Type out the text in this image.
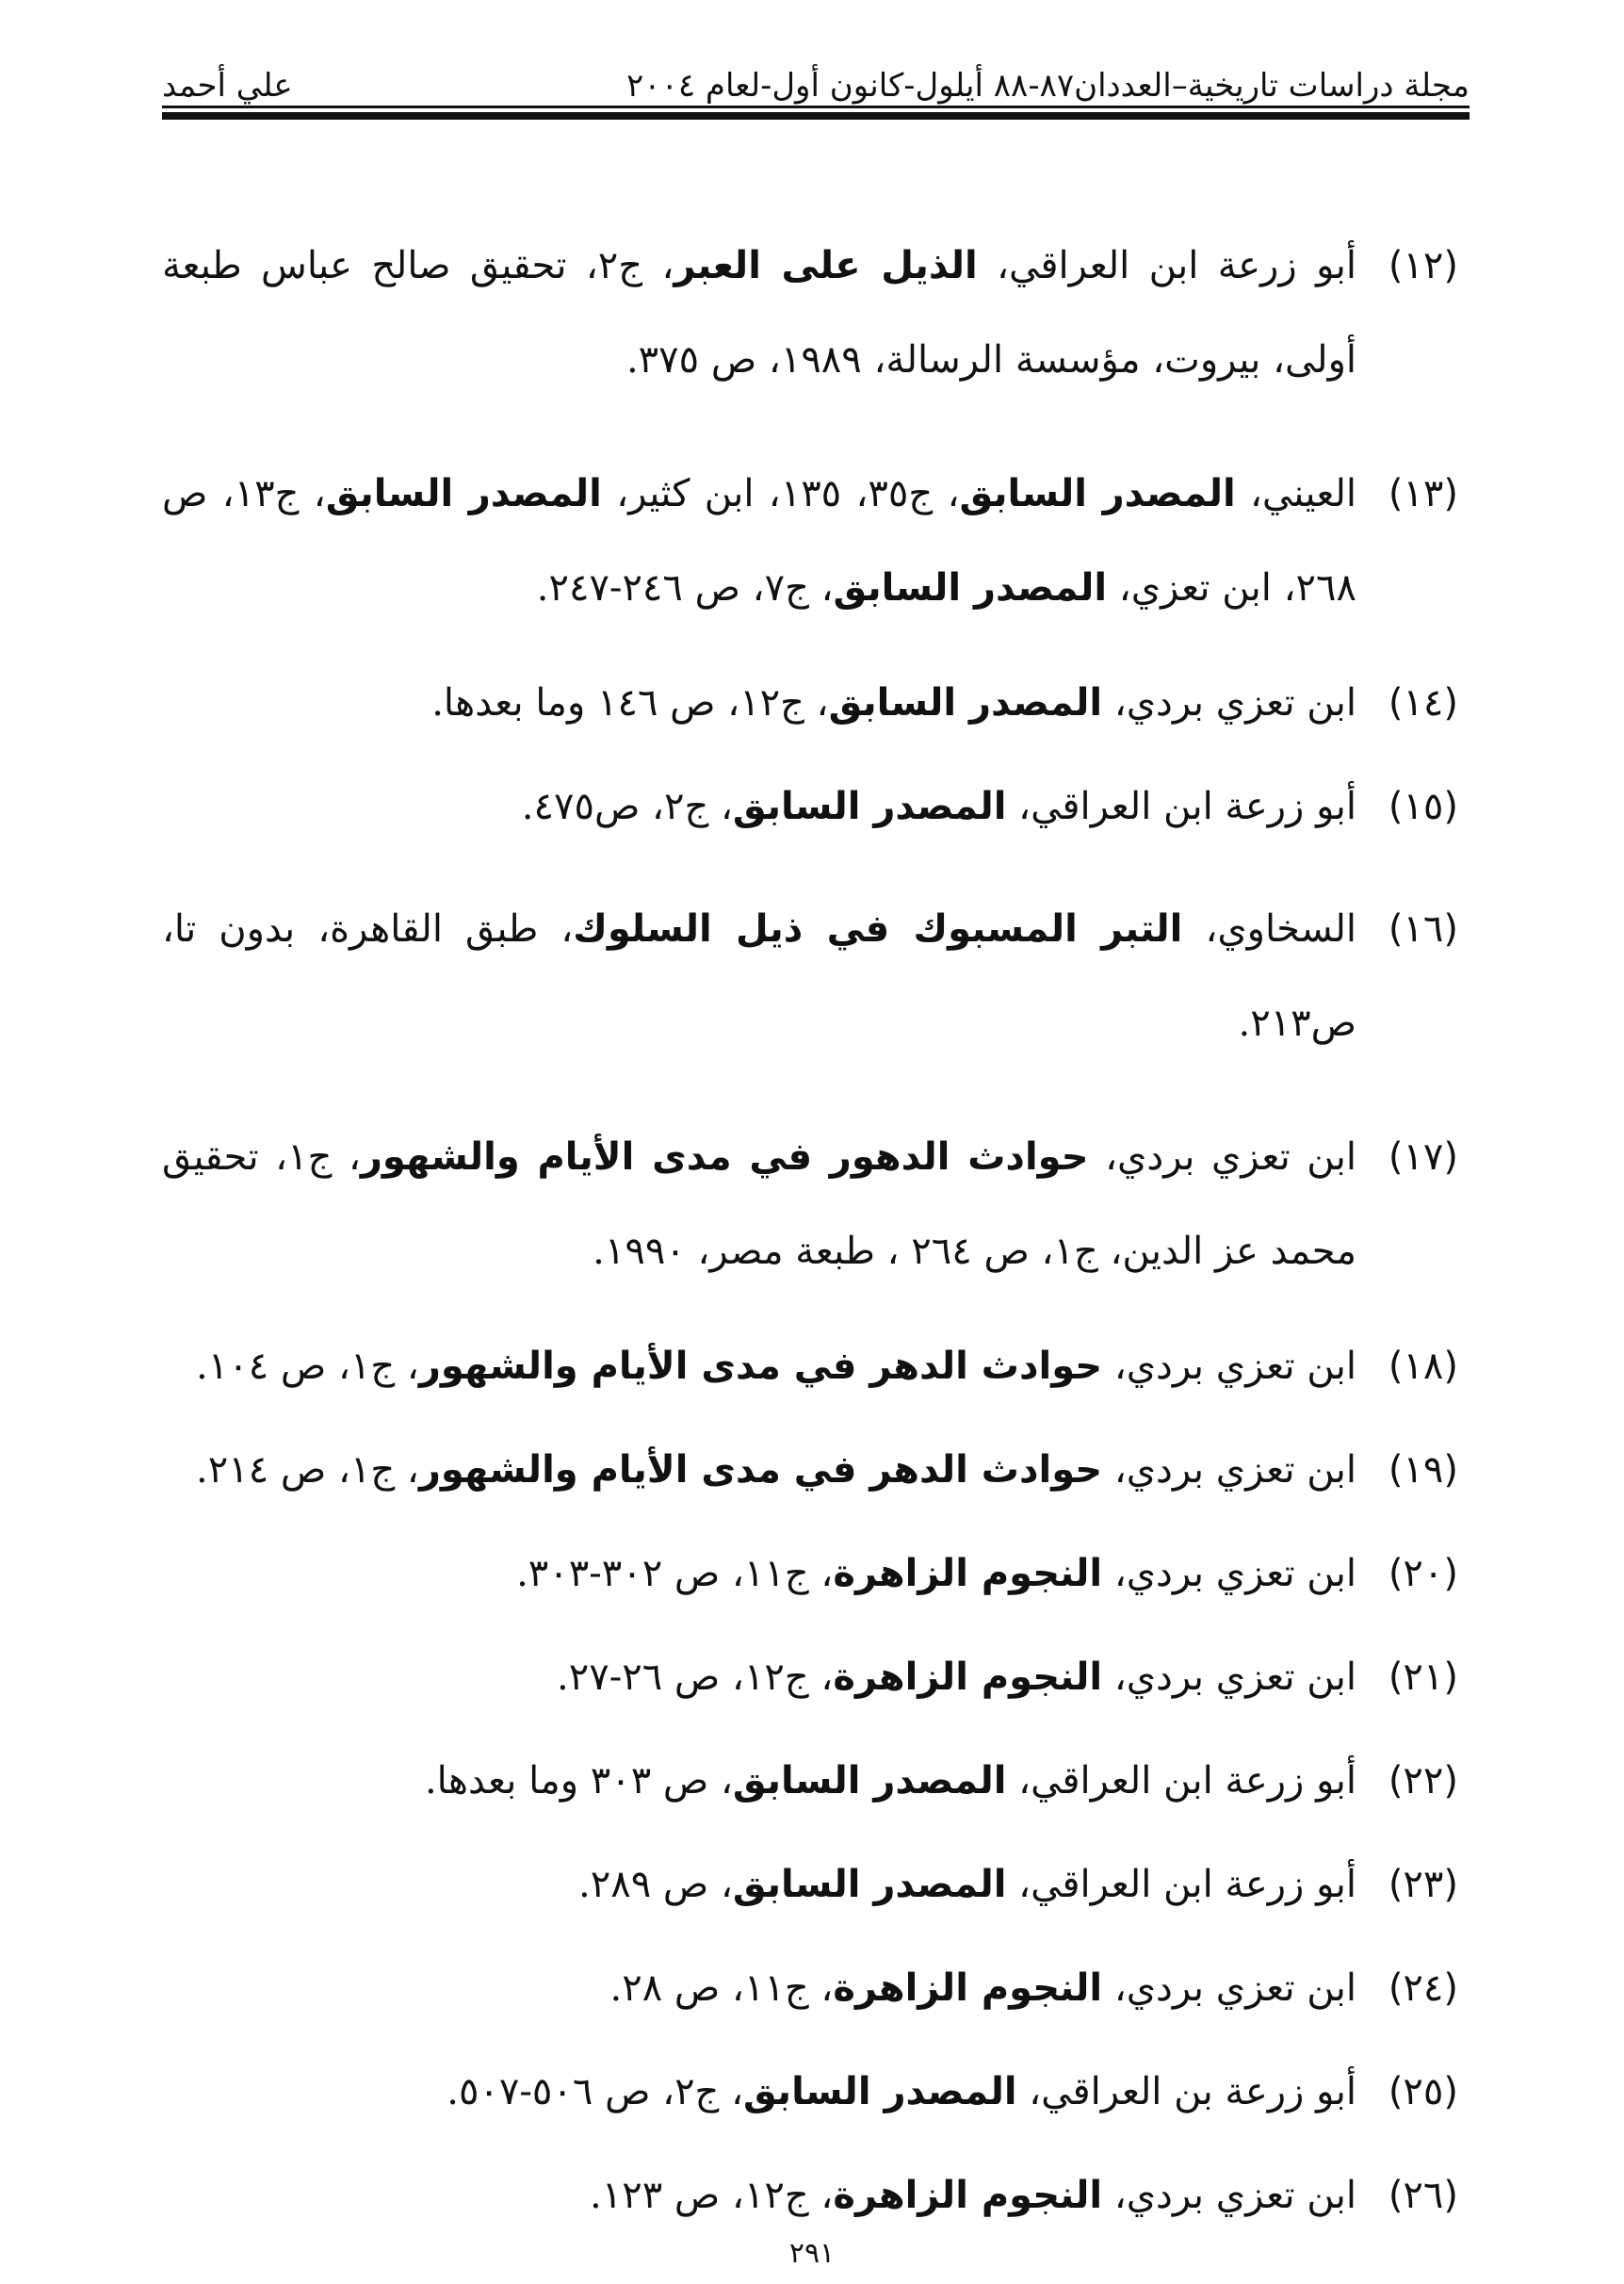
مجلة دراسات تاريخية–العددان٨٧-٨٨ أيلول-كانون أول-لعام ٢٠٠٤
علي أحمد
(١٢)
أبو زرعة ابن العراقي، الذيل على العبر، ج٢، تحقيق صالح عباس طبعة أولى، بيروت، مؤسسة الرسالة، ١٩٨٩، ص ٣٧٥.
(١٣)
العيني، المصدر السابق، ج٣٥، ١٣٥، ابن كثير، المصدر السابق، ج١٣، ص ٢٦٨، ابن تعزي، المصدر السابق، ج٧، ص ٢٤٦-٢٤٧.
(١٤)
ابن تعزي بردي، المصدر السابق، ج١٢، ص ١٤٦ وما بعدها.
(١٥)
أبو زرعة ابن العراقي، المصدر السابق، ج٢، ص٤٧٥.
(١٦)
السخاوي، التبر المسبوك في ذيل السلوك، طبق القاهرة، بدون تا، ص٢١٣.
(١٧)
ابن تعزي بردي، حوادث الدهور في مدى الأيام والشهور، ج١، تحقيق محمد عز الدين، ج١، ص ٢٦٤ ، طبعة مصر، ١٩٩٠.
(١٨)
ابن تعزي بردي، حوادث الدهر في مدى الأيام والشهور، ج١، ص ١٠٤.
(١٩)
ابن تعزي بردي، حوادث الدهر في مدى الأيام والشهور، ج١، ص ٢١٤.
(٢٠)
ابن تعزي بردي، النجوم الزاهرة، ج١١، ص ٣٠٢-٣٠٣.
(٢١)
ابن تعزي بردي، النجوم الزاهرة، ج١٢، ص ٢٦-٢٧.
(٢٢)
أبو زرعة ابن العراقي، المصدر السابق، ص ٣٠٣ وما بعدها.
(٢٣)
أبو زرعة ابن العراقي، المصدر السابق، ص ٢٨٩.
(٢٤)
ابن تعزي بردي، النجوم الزاهرة، ج١١، ص ٢٨.
(٢٥)
أبو زرعة بن العراقي، المصدر السابق، ج٢، ص ٥٠٦-٥٠٧.
(٢٦)
ابن تعزي بردي، النجوم الزاهرة، ج١٢، ص ١٢٣.
٢٩١
